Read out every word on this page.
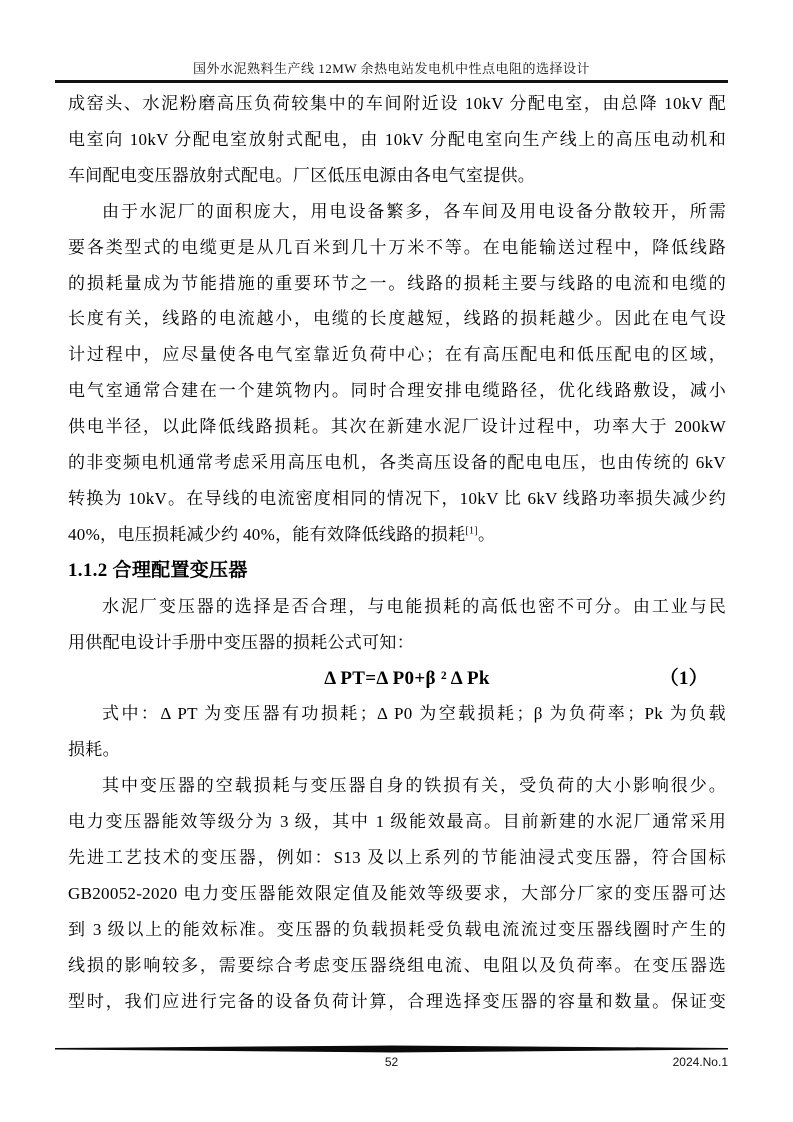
国外水泥熟料生产线 12MW 余热电站发电机中性点电阻的选择设计
成窑头、水泥粉磨高压负荷较集中的车间附近设 10kV 分配电室，由总降 10kV 配
电室向 10kV 分配电室放射式配电，由 10kV 分配电室向生产线上的高压电动机和
车间配电变压器放射式配电。厂区低压电源由各电气室提供。
由于水泥厂的面积庞大，用电设备繁多，各车间及用电设备分散较开，所需
要各类型式的电缆更是从几百米到几十万米不等。在电能输送过程中，降低线路
的损耗量成为节能措施的重要环节之一。线路的损耗主要与线路的电流和电缆的
长度有关，线路的电流越小，电缆的长度越短，线路的损耗越少。因此在电气设
计过程中，应尽量使各电气室靠近负荷中心；在有高压配电和低压配电的区域，
电气室通常合建在一个建筑物内。同时合理安排电缆路径，优化线路敷设，减小
供电半径，以此降低线路损耗。其次在新建水泥厂设计过程中，功率大于 200kW
的非变频电机通常考虑采用高压电机，各类高压设备的配电电压，也由传统的 6kV
转换为 10kV。在导线的电流密度相同的情况下，10kV 比 6kV 线路功率损失减少约
40%，电压损耗减少约 40%，能有效降低线路的损耗[1]。
1.1.2 合理配置变压器
水泥厂变压器的选择是否合理，与电能损耗的高低也密不可分。由工业与民
用供配电设计手册中变压器的损耗公式可知：
Δ PT=Δ P0+β ² Δ Pk	（1）
式中：Δ PT 为变压器有功损耗；Δ P0 为空载损耗；β 为负荷率；Pk 为负载
损耗。
其中变压器的空载损耗与变压器自身的铁损有关，受负荷的大小影响很少。
电力变压器能效等级分为 3 级，其中 1 级能效最高。目前新建的水泥厂通常采用
先进工艺技术的变压器，例如：S13 及以上系列的节能油浸式变压器，符合国标
GB20052-2020 电力变压器能效限定值及能效等级要求，大部分厂家的变压器可达
到 3 级以上的能效标准。变压器的负载损耗受负载电流流过变压器线圈时产生的
线损的影响较多，需要综合考虑变压器绕组电流、电阻以及负荷率。在变压器选
型时，我们应进行完备的设备负荷计算，合理选择变压器的容量和数量。保证变
52	2024.No.1
